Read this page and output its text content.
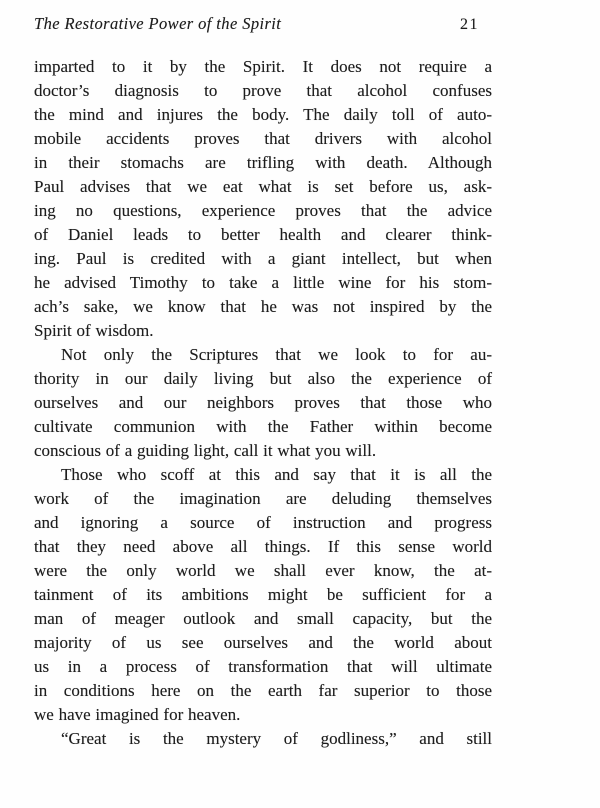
The Restorative Power of the Spirit	21
imparted to it by the Spirit. It does not require a
doctor’s diagnosis to prove that alcohol confuses
the mind and injures the body. The daily toll of auto-
mobile accidents proves that drivers with alcohol
in their stomachs are trifling with death. Although
Paul advises that we eat what is set before us, ask-
ing no questions, experience proves that the advice
of Daniel leads to better health and clearer think-
ing. Paul is credited with a giant intellect, but when
he advised Timothy to take a little wine for his stom-
ach’s sake, we know that he was not inspired by the
Spirit of wisdom.
Not only the Scriptures that we look to for au-
thority in our daily living but also the experience of
ourselves and our neighbors proves that those who
cultivate communion with the Father within become
conscious of a guiding light, call it what you will.
Those who scoff at this and say that it is all the
work of the imagination are deluding themselves
and ignoring a source of instruction and progress
that they need above all things. If this sense world
were the only world we shall ever know, the at-
tainment of its ambitions might be sufficient for a
man of meager outlook and small capacity, but the
majority of us see ourselves and the world about
us in a process of transformation that will ultimate
in conditions here on the earth far superior to those
we have imagined for heaven.
“Great is the mystery of godliness,” and still
